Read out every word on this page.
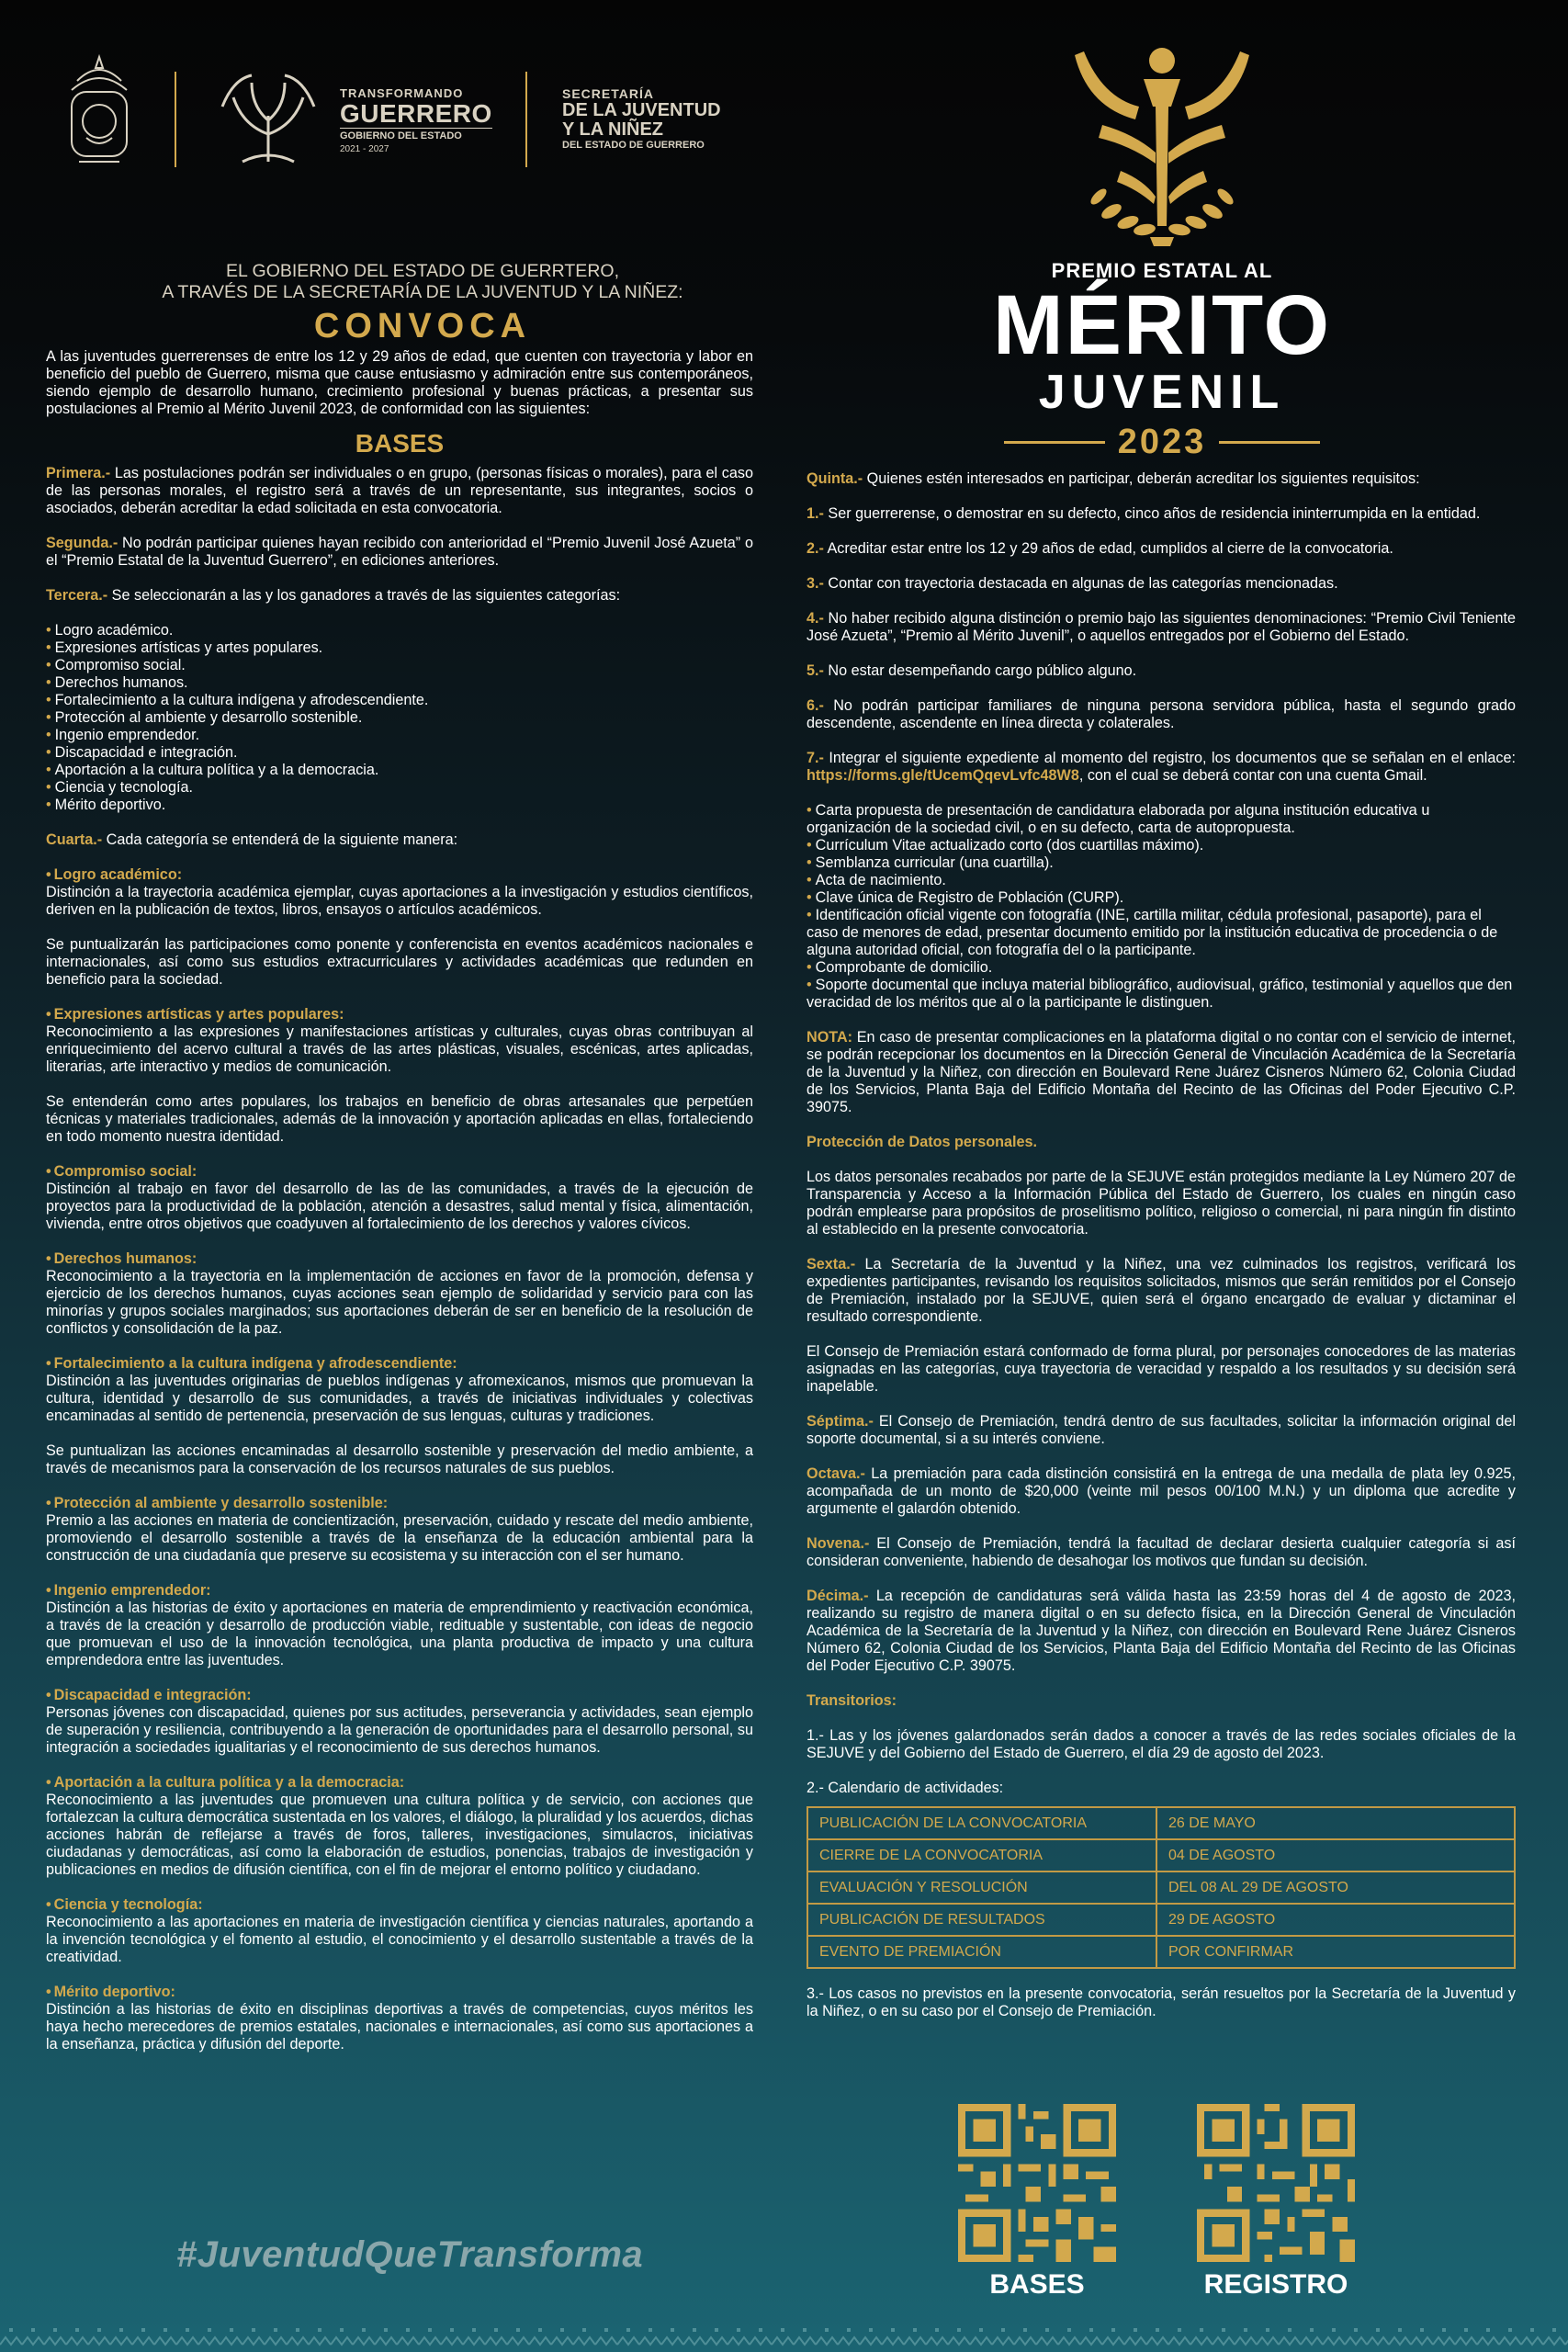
TRANSFORMANDO
GUERRERO
GOBIERNO DEL ESTADO
2021 - 2027
SECRETARÍA
DE LA JUVENTUD
Y LA NIÑEZ
DEL ESTADO DE GUERRERO
PREMIO ESTATAL AL
MÉRITO
JUVENIL
2023
EL GOBIERNO DEL ESTADO DE GUERRTERO,
A TRAVÉS DE LA SECRETARÍA DE LA JUVENTUD Y LA NIÑEZ:
CONVOCA
A las juventudes guerrerenses de entre los 12 y 29 años de edad, que cuenten con trayectoria y labor en beneficio del pueblo de Guerrero, misma que cause entusiasmo y admiración entre sus contemporáneos, siendo ejemplo de desarrollo humano, crecimiento profesional y buenas prácticas, a presentar sus postulaciones al Premio al Mérito Juvenil 2023, de conformidad con las siguientes:
BASES
Primera.- Las postulaciones podrán ser individuales o en grupo, (personas físicas o morales), para el caso de las personas morales, el registro será a través de un representante, sus integrantes, socios o asociados, deberán acreditar la edad solicitada en esta convocatoria.
Segunda.- No podrán participar quienes hayan recibido con anterioridad el “Premio Juvenil José Azueta” o el “Premio Estatal de la Juventud Guerrero”, en ediciones anteriores.
Tercera.- Se seleccionarán a las y los ganadores a través de las siguientes categorías:
• Logro académico.
• Expresiones artísticas y artes populares.
• Compromiso social.
• Derechos humanos.
• Fortalecimiento a la cultura indígena y afrodescendiente.
• Protección al ambiente y desarrollo sostenible.
• Ingenio emprendedor.
• Discapacidad e integración.
• Aportación a la cultura política y a la democracia.
• Ciencia y tecnología.
• Mérito deportivo.
Cuarta.- Cada categoría se entenderá de la siguiente manera:
• Logro académico:

Distinción a la trayectoria académica ejemplar, cuyas aportaciones a la investigación y estudios científicos, deriven en la publicación de textos, libros, ensayos o artículos académicos.

Se puntualizarán las participaciones como ponente y conferencista en eventos académicos nacionales e internacionales, así como sus estudios extracurriculares y actividades académicas que redunden en beneficio para la sociedad.

• Expresiones artísticas y artes populares:

Reconocimiento a las expresiones y manifestaciones artísticas y culturales, cuyas obras contribuyan al enriquecimiento del acervo cultural a través de las artes plásticas, visuales, escénicas, artes aplicadas, literarias, arte interactivo y medios de comunicación.

Se entenderán como artes populares, los trabajos en beneficio de obras artesanales que perpetúen técnicas y materiales tradicionales, además de la innovación y aportación aplicadas en ellas, fortaleciendo en todo momento nuestra identidad.

• Compromiso social:

Distinción al trabajo en favor del desarrollo de las de las comunidades, a través de la ejecución de proyectos para la productividad de la población, atención a desastres, salud mental y física, alimentación, vivienda, entre otros objetivos que coadyuven al fortalecimiento de los derechos y valores cívicos.

• Derechos humanos:

Reconocimiento a la trayectoria en la implementación de acciones en favor de la promoción, defensa y ejercicio de los derechos humanos, cuyas acciones sean ejemplo de solidaridad y servicio para con las minorías y grupos sociales marginados; sus aportaciones deberán de ser en beneficio de la resolución de conflictos y consolidación de la paz.

• Fortalecimiento a la cultura indígena y afrodescendiente:

Distinción a las juventudes originarias de pueblos indígenas y afromexicanos, mismos que promuevan la cultura, identidad y desarrollo de sus comunidades, a través de iniciativas individuales y colectivas encaminadas al sentido de pertenencia, preservación de sus lenguas, culturas y tradiciones.

Se puntualizan las acciones encaminadas al desarrollo sostenible y preservación del medio ambiente, a través de mecanismos para la conservación de los recursos naturales de sus pueblos.

• Protección al ambiente y desarrollo sostenible:

Premio a las acciones en materia de concientización, preservación, cuidado y rescate del medio ambiente, promoviendo el desarrollo sostenible a través de la enseñanza de la educación ambiental para la construcción de una ciudadanía que preserve su ecosistema y su interacción con el ser humano.

• Ingenio emprendedor:

Distinción a las historias de éxito y aportaciones en materia de emprendimiento y reactivación económica, a través de la creación y desarrollo de producción viable, redituable y sustentable, con ideas de negocio que promuevan el uso de la innovación tecnológica, una planta productiva de impacto y una cultura emprendedora entre las juventudes.

• Discapacidad e integración:

Personas jóvenes con discapacidad, quienes por sus actitudes, perseverancia y actividades, sean ejemplo de superación y resiliencia, contribuyendo a la generación de oportunidades para el desarrollo personal, su integración a sociedades igualitarias y el reconocimiento de sus derechos humanos.

• Aportación a la cultura política y a la democracia:

Reconocimiento a las juventudes que promueven una cultura política y de servicio, con acciones que fortalezcan la cultura democrática sustentada en los valores, el diálogo, la pluralidad y los acuerdos, dichas acciones habrán de reflejarse a través de foros, talleres, investigaciones, simulacros, iniciativas ciudadanas y democráticas, así como la elaboración de estudios, ponencias, trabajos de investigación y publicaciones en medios de difusión científica, con el fin de mejorar el entorno político y ciudadano.

• Ciencia y tecnología:

Reconocimiento a las aportaciones en materia de investigación científica y ciencias naturales, aportando a la invención tecnológica y el fomento al estudio, el conocimiento y el desarrollo sustentable a través de la creatividad.

• Mérito deportivo:

Distinción a las historias de éxito en disciplinas deportivas a través de competencias, cuyos méritos les haya hecho merecedores de premios estatales, nacionales e internacionales, así como sus aportaciones a la enseñanza, práctica y difusión del deporte.

#JuventudQueTransforma
Quinta.- Quienes estén interesados en participar, deberán acreditar los siguientes requisitos:
1.- Ser guerrerense, o demostrar en su defecto, cinco años de residencia ininterrumpida en la entidad.
2.- Acreditar estar entre los 12 y 29 años de edad, cumplidos al cierre de la convocatoria.
3.- Contar con trayectoria destacada en algunas de las categorías mencionadas.
4.- No haber recibido alguna distinción o premio bajo las siguientes denominaciones: “Premio Civil Teniente José Azueta”, “Premio al Mérito Juvenil”, o aquellos entregados por el Gobierno del Estado.
5.- No estar desempeñando cargo público alguno.
6.- No podrán participar familiares de ninguna persona servidora pública, hasta el segundo grado descendente, ascendente en línea directa y colaterales.
7.- Integrar el siguiente expediente al momento del registro, los documentos que se señalan en el enlace: https://forms.gle/tUcemQqevLvfc48W8, con el cual se deberá contar con una cuenta Gmail.
• Carta propuesta de presentación de candidatura elaborada por alguna institución educativa u organización de la sociedad civil, o en su defecto, carta de autopropuesta.
• Currículum Vitae actualizado corto (dos cuartillas máximo).
• Semblanza curricular (una cuartilla).
• Acta de nacimiento.
• Clave única de Registro de Población (CURP).
• Identificación oficial vigente con fotografía (INE, cartilla militar, cédula profesional, pasaporte), para el caso de menores de edad, presentar documento emitido por la institución educativa de procedencia o de alguna autoridad oficial, con fotografía del o la participante.
• Comprobante de domicilio.
• Soporte documental que incluya material bibliográfico, audiovisual, gráfico, testimonial y aquellos que den veracidad de los méritos que al o la participante le distinguen.
NOTA: En caso de presentar complicaciones en la plataforma digital o no contar con el servicio de internet, se podrán recepcionar los documentos en la Dirección General de Vinculación Académica de la Secretaría de la Juventud y la Niñez, con dirección en Boulevard Rene Juárez Cisneros Número 62, Colonia Ciudad de los Servicios, Planta Baja del Edificio Montaña del Recinto de las Oficinas del Poder Ejecutivo C.P. 39075.
Protección de Datos personales.
Los datos personales recabados por parte de la SEJUVE están protegidos mediante la Ley Número 207 de Transparencia y Acceso a la Información Pública del Estado de Guerrero, los cuales en ningún caso podrán emplearse para propósitos de proselitismo político, religioso o comercial, ni para ningún fin distinto al establecido en la presente convocatoria.
Sexta.- La Secretaría de la Juventud y la Niñez, una vez culminados los registros, verificará los expedientes participantes, revisando los requisitos solicitados, mismos que serán remitidos por el Consejo de Premiación, instalado por la SEJUVE, quien será el órgano encargado de evaluar y dictaminar el resultado correspondiente.
El Consejo de Premiación estará conformado de forma plural, por personajes conocedores de las materias asignadas en las categorías, cuya trayectoria de veracidad y respaldo a los resultados y su decisión será inapelable.
Séptima.- El Consejo de Premiación, tendrá dentro de sus facultades, solicitar la información original del soporte documental, si a su interés conviene.
Octava.- La premiación para cada distinción consistirá en la entrega de una medalla de plata ley 0.925, acompañada de un monto de $20,000 (veinte mil pesos 00/100 M.N.) y un diploma que acredite y argumente el galardón obtenido.
Novena.- El Consejo de Premiación, tendrá la facultad de declarar desierta cualquier categoría si así consideran conveniente, habiendo de desahogar los motivos que fundan su decisión.
Décima.- La recepción de candidaturas será válida hasta las 23:59 horas del 4 de agosto de 2023, realizando su registro de manera digital o en su defecto física, en la Dirección General de Vinculación Académica de la Secretaría de la Juventud y la Niñez, con dirección en Boulevard Rene Juárez Cisneros Número 62, Colonia Ciudad de los Servicios, Planta Baja del Edificio Montaña del Recinto de las Oficinas del Poder Ejecutivo C.P. 39075.
Transitorios:
1.- Las y los jóvenes galardonados serán dados a conocer a través de las redes sociales oficiales de la SEJUVE y del Gobierno del Estado de Guerrero, el día 29 de agosto del 2023.
2.- Calendario de actividades:
PUBLICACIÓN DE LA CONVOCATORIA	26 DE MAYO
CIERRE DE LA CONVOCATORIA	04 DE AGOSTO
EVALUACIÓN Y RESOLUCIÓN	DEL 08 AL 29 DE AGOSTO
PUBLICACIÓN DE RESULTADOS	29 DE AGOSTO
EVENTO DE PREMIACIÓN	POR CONFIRMAR
3.- Los casos no previstos en la presente convocatoria, serán resueltos por la Secretaría de la Juventud y la Niñez, o en su caso por el Consejo de Premiación.
BASES	REGISTRO
